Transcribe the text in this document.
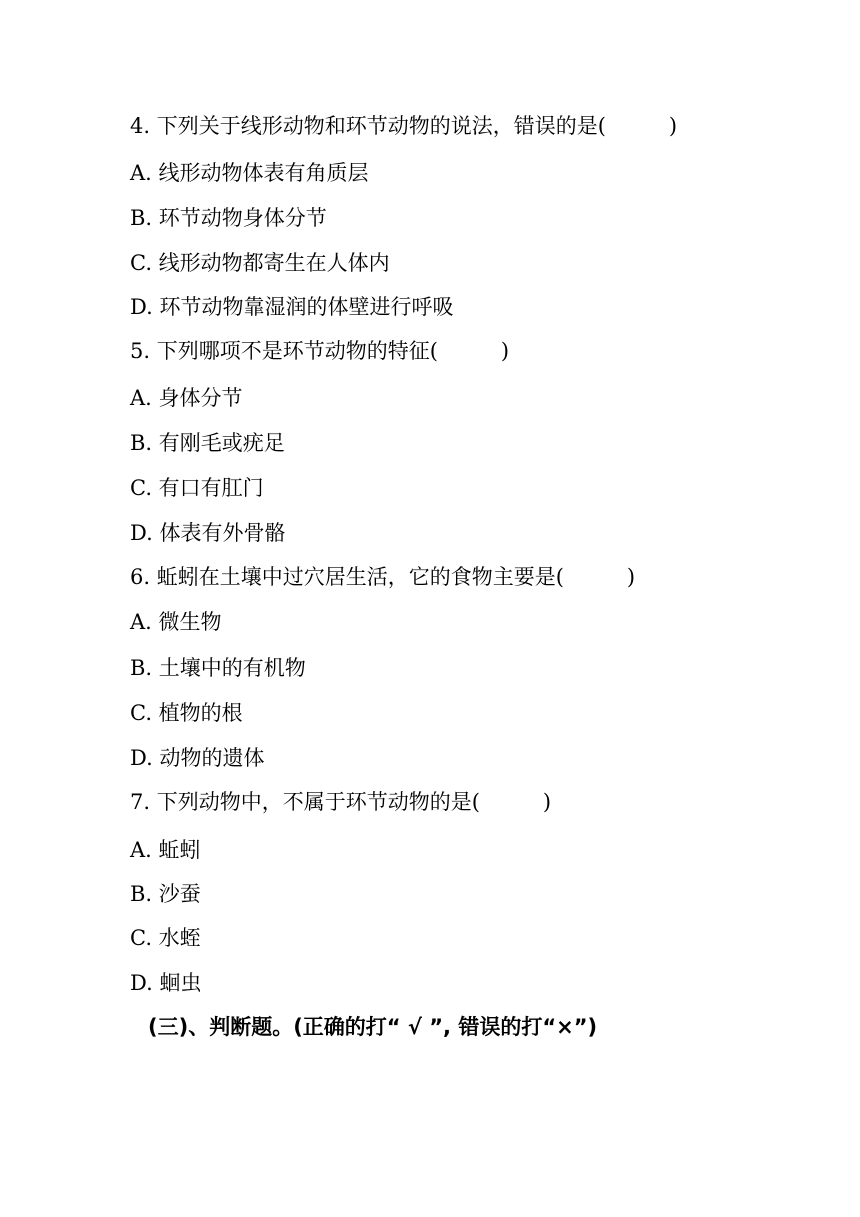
4. 下列关于线形动物和环节动物的说法，错误的是(　　　)
A. 线形动物体表有角质层
B. 环节动物身体分节
C. 线形动物都寄生在人体内
D. 环节动物靠湿润的体壁进行呼吸
5. 下列哪项不是环节动物的特征(　　　)
A. 身体分节
B. 有刚毛或疣足
C. 有口有肛门
D. 体表有外骨骼
6. 蚯蚓在土壤中过穴居生活，它的食物主要是(　　　)
A. 微生物
B. 土壤中的有机物
C. 植物的根
D. 动物的遗体
7. 下列动物中，不属于环节动物的是(　　　)
A. 蚯蚓
B. 沙蚕
C. 水蛭
D. 蛔虫
(三)、判断题。(正确的打“ √ ”, 错误的打“×”)
